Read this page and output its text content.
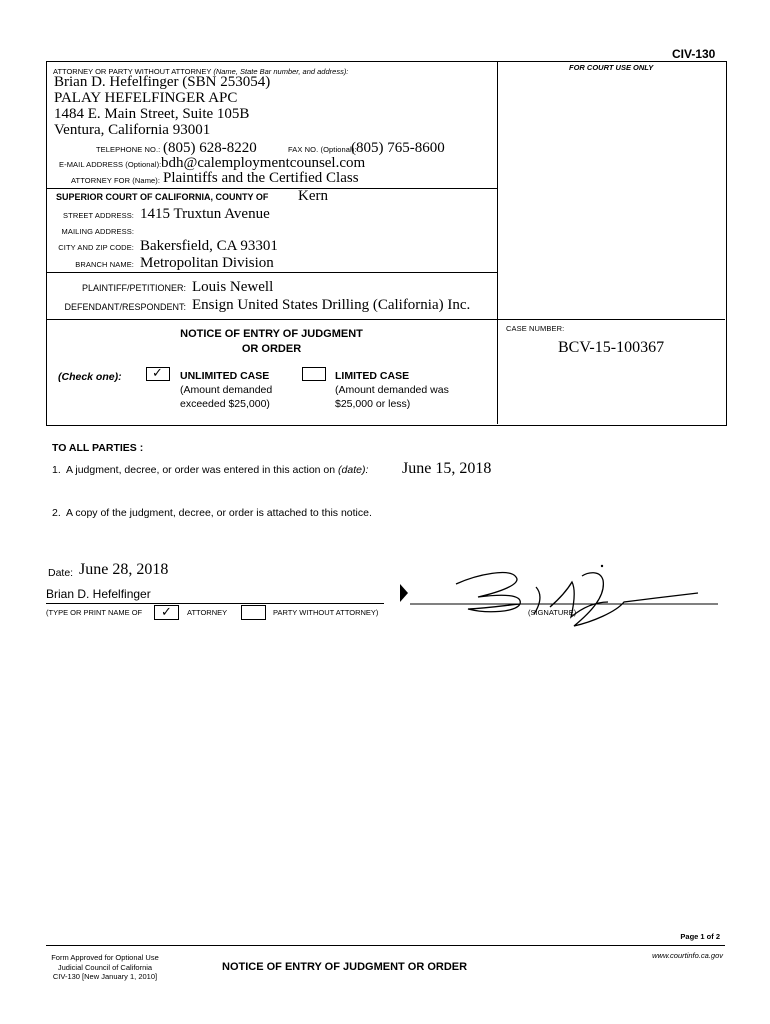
CIV-130
ATTORNEY OR PARTY WITHOUT ATTORNEY (Name, State Bar number, and address):	FOR COURT USE ONLY
Brian D. Hefelfinger (SBN 253054)
PALAY HEFELFINGER APC
1484 E. Main Street, Suite 105B
Ventura, California 93001
TELEPHONE NO.: (805) 628-8220	FAX NO. (Optional):
(805) 765-8600
E-MAIL ADDRESS (Optional): bdh@calemploymentcounsel.com
ATTORNEY FOR (Name): Plaintiffs and the Certified Class
SUPERIOR COURT OF CALIFORNIA, COUNTY OF Kern
STREET ADDRESS: 1415 Truxtun Avenue
MAILING ADDRESS:
CITY AND ZIP CODE: Bakersfield, CA 93301
BRANCH NAME: Metropolitan Division
PLAINTIFF/PETITIONER: Louis Newell
DEFENDANT/RESPONDENT: Ensign United States Drilling (California) Inc.
NOTICE OF ENTRY OF JUDGMENT
OR ORDER
(Check one): ✓ UNLIMITED CASE
(Amount demanded
exceeded $25,000)
LIMITED CASE
(Amount demanded was
$25,000 or less)
CASE NUMBER:
BCV-15-100367
TO ALL PARTIES :
1. A judgment, decree, or order was entered in this action on (date): June 15, 2018
2. A copy of the judgment, decree, or order is attached to this notice.
Date: June 28, 2018
Brian D. Hefelfinger
(TYPE OR PRINT NAME OF ✓ ATTORNEY	PARTY WITHOUT ATTORNEY)	(SIGNATURE)
Page 1 of 2
Form Approved for Optional Use
Judicial Council of California
CIV-130 [New January 1, 2010]
NOTICE OF ENTRY OF JUDGMENT OR ORDER
www.courtinfo.ca.gov
